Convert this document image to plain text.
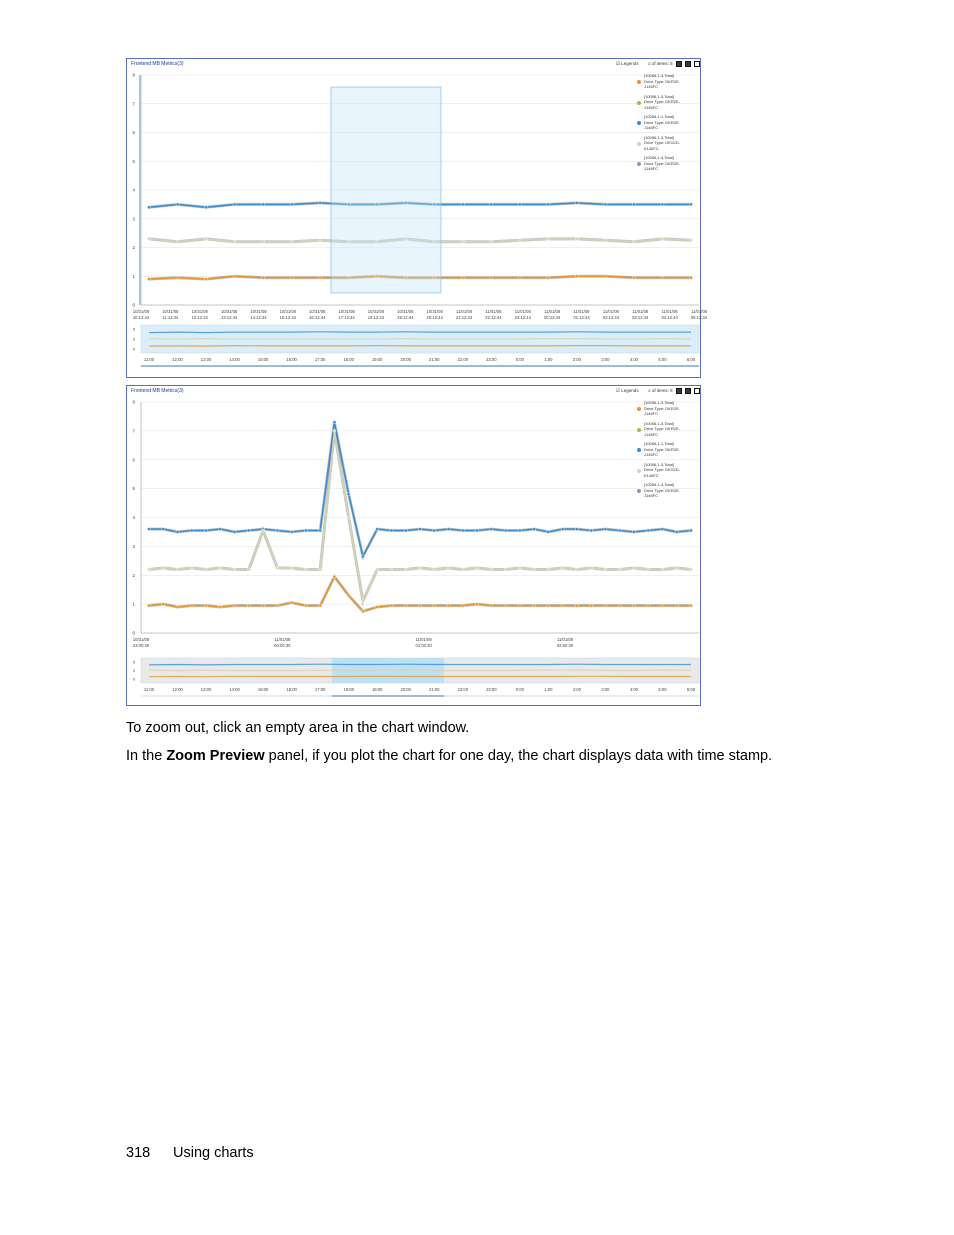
8
7
6
5
4
3
2
1
0
10/31/08
10:12:44
10/31/08
11:12:44
10/31/08
12:12:44
10/31/08
13:12:44
10/31/08
14:12:44
10/31/08
15:12:44
10/31/08
16:12:44
10/31/08
17:12:44
10/31/08
18:12:44
10/31/08
19:12:44
10/31/08
20:12:44
11/01/08
21:12:44
11/01/08
22:12:44
11/01/08
23:12:44
11/01/08
00:12:44
11/01/08
01:12:44
11/01/08
02:12:44
11/01/08
03:12:44
11/01/08
04:12:44
11/01/08
05:12:44
5
3
0
11:00	12:00	13:00	14:00	15:00	16:00	17:00	18:00	19:00	20:00	21:00	22:00	23:00	0:00	1:00	2:00	3:00	4:00	5:00	6:00
Frontend MB Metrics(3)	☑ Legends ≡ of items: 5
[10056,1-3,Total]
Drive Type: DKR2E-
J146FC
[10056,1-3,Total]
Drive Type: DKR2E-
J146FC
[10056,1-1,Total]
Drive Type: DKR2E-
J146FC
[10056,1-3,Total]
Drive Type: DKS2D-
K146FC
[10056,1-4,Total]
Drive Type: DKR2E-
J146FC
8
7
6
5
4
3
2
1
0
10/31/08
23:00:30
11/01/08
00:00:30
11/01/08
01:00:30
11/01/08
02:00:30
5
3
0
11:00	12:00	13:00	14:00	15:00	16:00	17:00	18:00	19:00	20:00	21:00	22:00	23:00	0:00	1:00	2:00	3:00	4:00	5:00	6:00
Frontend MB Metrics(3)	☑ Legends ≡ of items: 5
[10056,1-3,Total]
Drive Type: DKR2E-
J146FC
[10056,1-3,Total]
Drive Type: DKR2E-
J146FC
[10056,1-1,Total]
Drive Type: DKR2E-
J146FC
[10056,1-3,Total]
Drive Type: DKS2D-
K146FC
[10056,1-4,Total]
Drive Type: DKR2E-
J146FC

To zoom out, click an empty area in the chart window.

In the Zoom Preview panel, if you plot the chart for one day, the chart displays data with time stamp.

318 Using charts
